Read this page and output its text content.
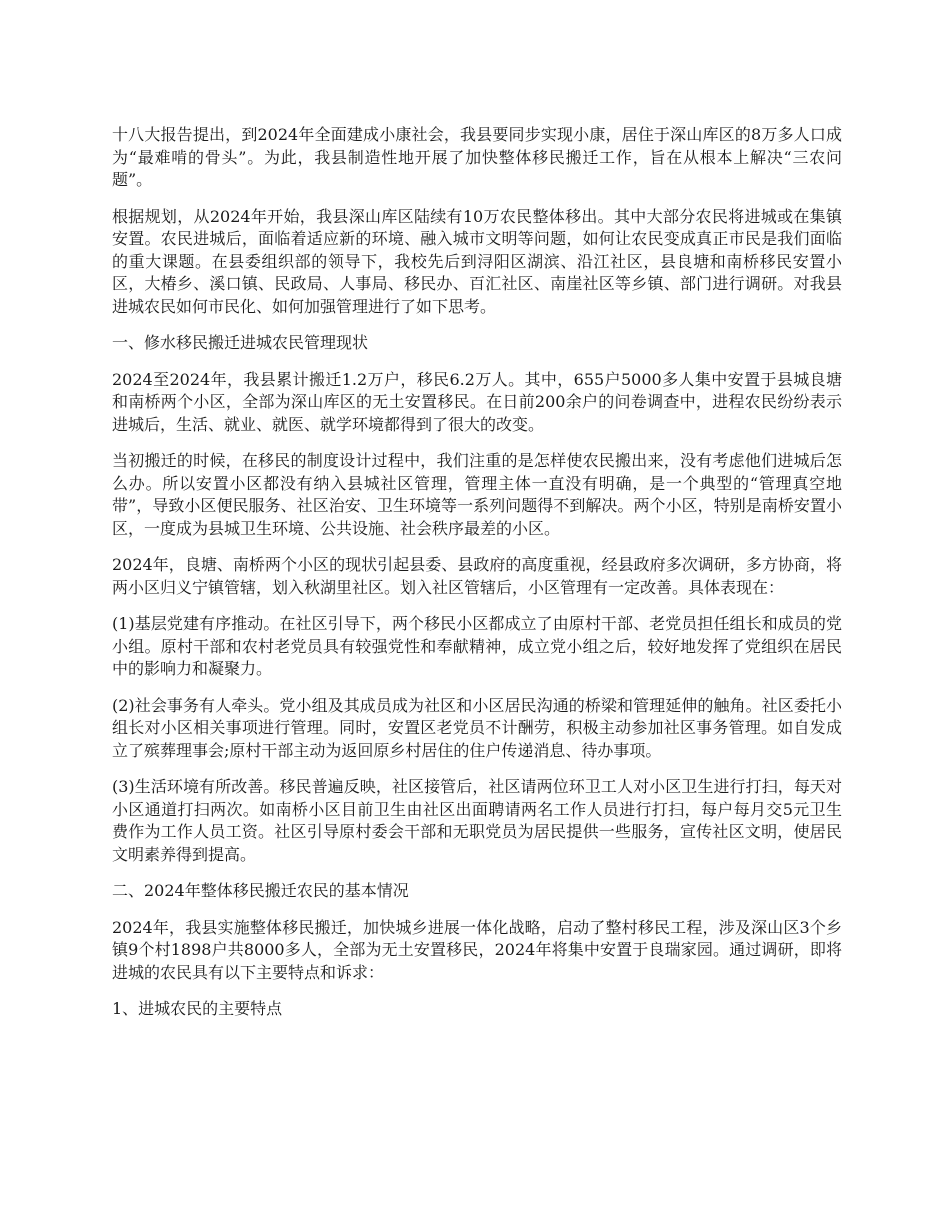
十八大报告提出，到2024年全面建成小康社会，我县要同步实现小康，居住于深山库区的8万多人口成为“最难啃的骨头”。为此，我县制造性地开展了加快整体移民搬迁工作，旨在从根本上解决“三农问题”。

根据规划，从2024年开始，我县深山库区陆续有10万农民整体移出。其中大部分农民将进城或在集镇安置。农民进城后，面临着适应新的环境、融入城市文明等问题，如何让农民变成真正市民是我们面临的重大课题。在县委组织部的领导下，我校先后到浔阳区湖滨、沿江社区，县良塘和南桥移民安置小区，大椿乡、溪口镇、民政局、人事局、移民办、百汇社区、南崖社区等乡镇、部门进行调研。对我县进城农民如何市民化、如何加强管理进行了如下思考。

一、修水移民搬迁进城农民管理现状

2024至2024年，我县累计搬迁1.2万户，移民6.2万人。其中，655户5000多人集中安置于县城良塘和南桥两个小区，全部为深山库区的无土安置移民。在日前200余户的问卷调查中，进程农民纷纷表示进城后，生活、就业、就医、就学环境都得到了很大的改变。

当初搬迁的时候，在移民的制度设计过程中，我们注重的是怎样使农民搬出来，没有考虑他们进城后怎么办。所以安置小区都没有纳入县城社区管理，管理主体一直没有明确，是一个典型的“管理真空地带”，导致小区便民服务、社区治安、卫生环境等一系列问题得不到解决。两个小区，特别是南桥安置小区，一度成为县城卫生环境、公共设施、社会秩序最差的小区。

2024年，良塘、南桥两个小区的现状引起县委、县政府的高度重视，经县政府多次调研，多方协商，将两小区归义宁镇管辖，划入秋湖里社区。划入社区管辖后，小区管理有一定改善。具体表现在：

(1)基层党建有序推动。在社区引导下，两个移民小区都成立了由原村干部、老党员担任组长和成员的党小组。原村干部和农村老党员具有较强党性和奉献精神，成立党小组之后，较好地发挥了党组织在居民中的影响力和凝聚力。

(2)社会事务有人牵头。党小组及其成员成为社区和小区居民沟通的桥梁和管理延伸的触角。社区委托小组长对小区相关事项进行管理。同时，安置区老党员不计酬劳，积极主动参加社区事务管理。如自发成立了殡葬理事会;原村干部主动为返回原乡村居住的住户传递消息、待办事项。

(3)生活环境有所改善。移民普遍反映，社区接管后，社区请两位环卫工人对小区卫生进行打扫，每天对小区通道打扫两次。如南桥小区目前卫生由社区出面聘请两名工作人员进行打扫，每户每月交5元卫生费作为工作人员工资。社区引导原村委会干部和无职党员为居民提供一些服务，宣传社区文明，使居民文明素养得到提高。

二、2024年整体移民搬迁农民的基本情况

2024年，我县实施整体移民搬迁，加快城乡进展一体化战略，启动了整村移民工程，涉及深山区3个乡镇9个村1898户共8000多人，全部为无土安置移民，2024年将集中安置于良瑞家园。通过调研，即将进城的农民具有以下主要特点和诉求：

1、进城农民的主要特点
